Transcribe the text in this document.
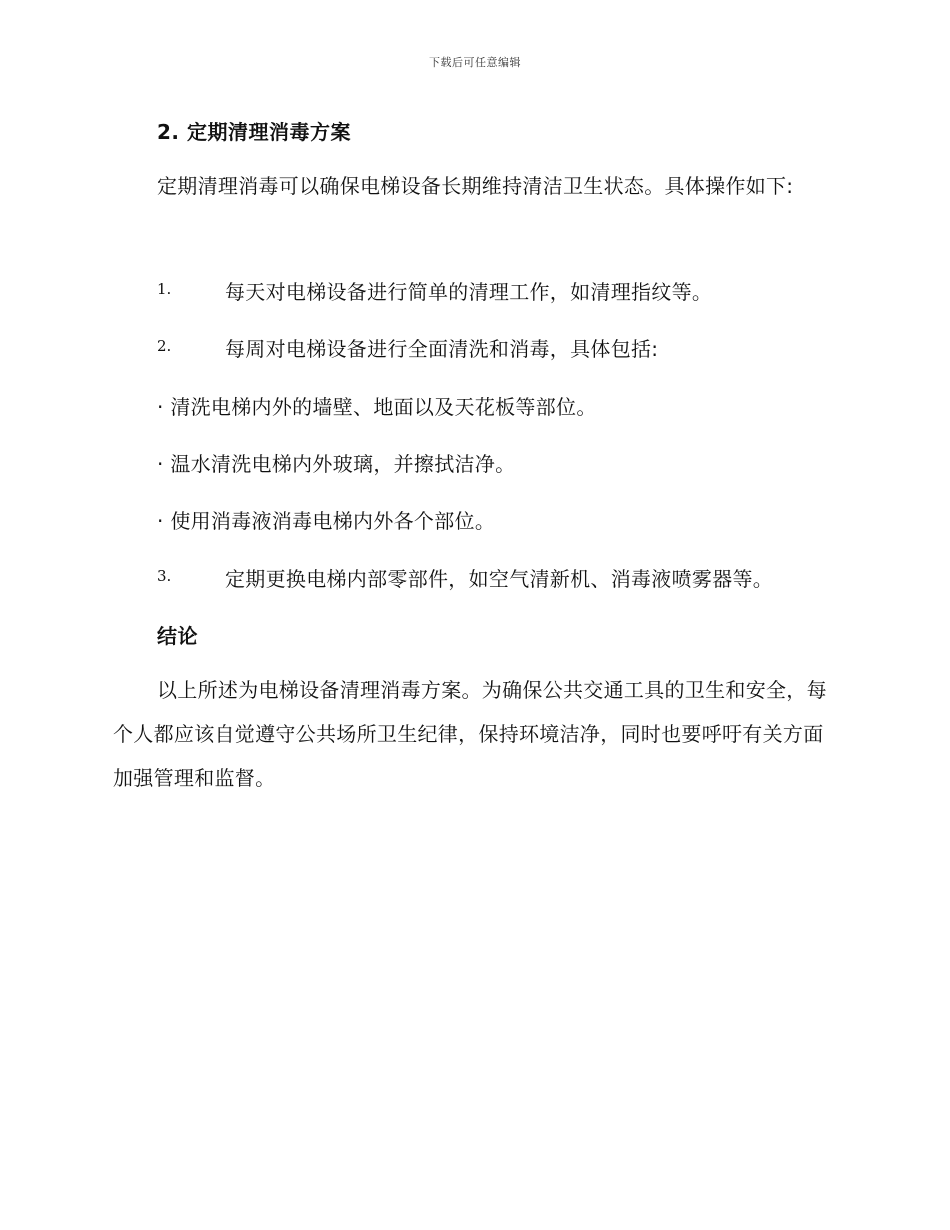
下载后可任意编辑
2. 定期清理消毒方案
定期清理消毒可以确保电梯设备长期维持清洁卫生状态。具体操作如下:
1.	每天对电梯设备进行简单的清理工作，如清理指纹等。
2.	每周对电梯设备进行全面清洗和消毒，具体包括:
· 清洗电梯内外的墙壁、地面以及天花板等部位。
· 温水清洗电梯内外玻璃，并擦拭洁净。
· 使用消毒液消毒电梯内外各个部位。
3.	定期更换电梯内部零部件，如空气清新机、消毒液喷雾器等。
结论
以上所述为电梯设备清理消毒方案。为确保公共交通工具的卫生和安全，每个人都应该自觉遵守公共场所卫生纪律，保持环境洁净，同时也要呼吁有关方面加强管理和监督。
